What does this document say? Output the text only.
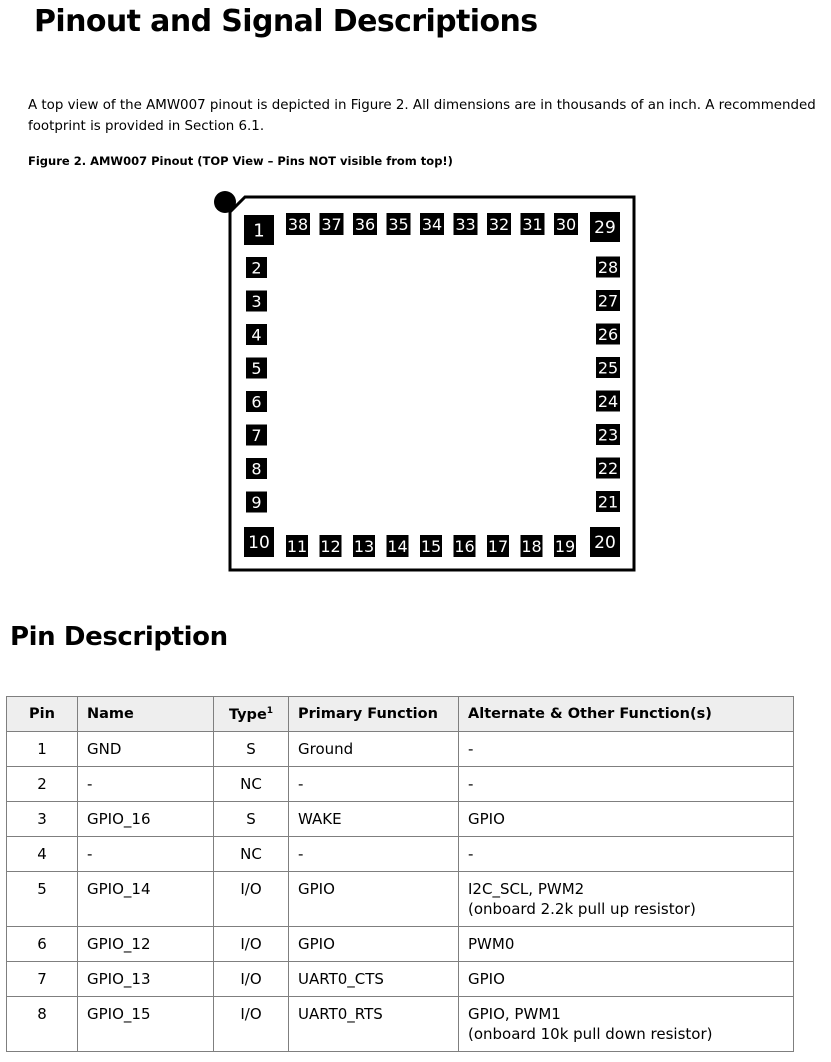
Pinout and Signal Descriptions

A top view of the AMW007 pinout is depicted in Figure 2. All dimensions are in thousands of an inch. A recommended footprint is provided in Section 6.1.

Figure 2. AMW007 Pinout (TOP View – Pins NOT visible from top!)

1
2
3
4
5
6
7
8
9
10 11 12 13 14 15 16 17 18 19 20
21
22
23
24
25
26
27
28
29
38 37 36 35 34 33 32 31 30
Pin Description
Pin	Name	Type$^1$	Primary Function	Alternate & Other Function(s)
1	GND	S	Ground	-

2	-	NC	-	-

3	GPIO_16	S	WAKE	GPIO

4	-	NC	-	-

5	GPIO_14	I/O	GPIO	I2C_SCL, PWM2
(onboard 2.2k pull up resistor)

6	GPIO_12	I/O	GPIO	PWM0

7	GPIO_13	I/O	UART0_CTS	GPIO

8	GPIO_15	I/O	UART0_RTS	GPIO, PWM1
(onboard 10k pull down resistor)
